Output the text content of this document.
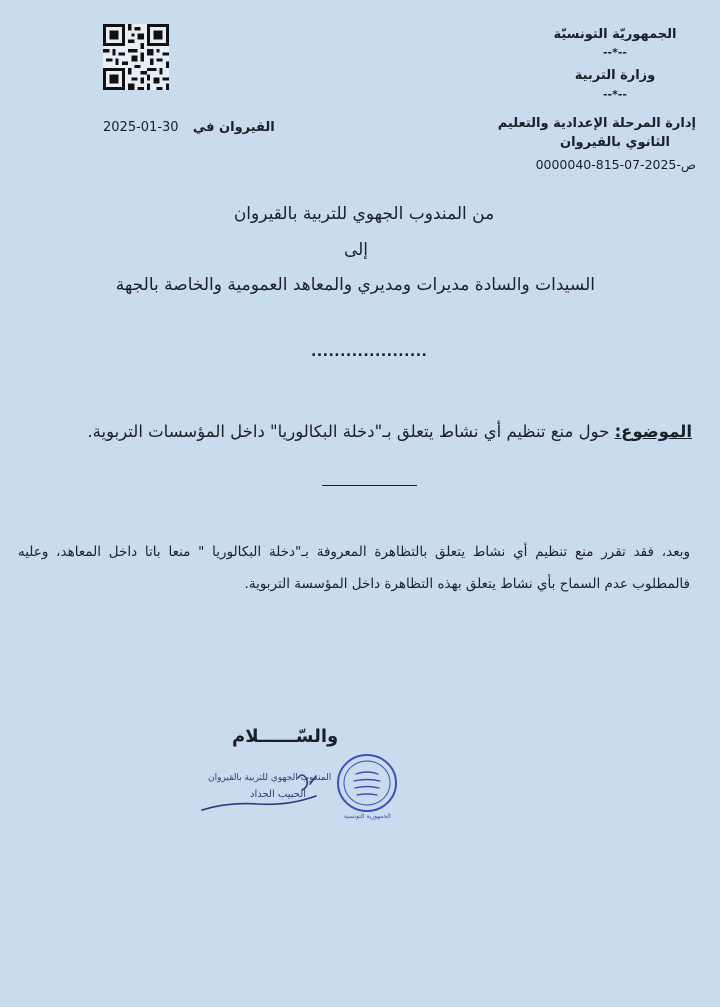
الجمهوريّة التونسيّة
--*--
وزارة التربية
--*--
إدارة المرحلة الإعدادية والتعليم
الثانوي بالقيروان
ص-2025-07-815-0000040
2025-01-30 القيروان في
من المندوب الجهوي للتربية بالقيروان
إلى
السيدات والسادة مديرات ومديري والمعاهد العمومية والخاصة بالجهة
....................
الموضوع: حول منع تنظيم أي نشاط يتعلق بـ"دخلة البكالوريا" داخل المؤسسات التربوية.
وبعد، فقد تقرر منع تنظيم أي نشاط يتعلق بالتظاهرة المعروفة بـ"دخلة البكالوريا " منعا باتا داخل المعاهد، وعليه فالمطلوب عدم السماح بأي نشاط يتعلق بهذه التظاهرة داخل المؤسسة التربوية.
والسّــــــلام
الجمهورية التونسية
المندوب الجهوي للتربية بالقيروان
الحبيب الحداد
